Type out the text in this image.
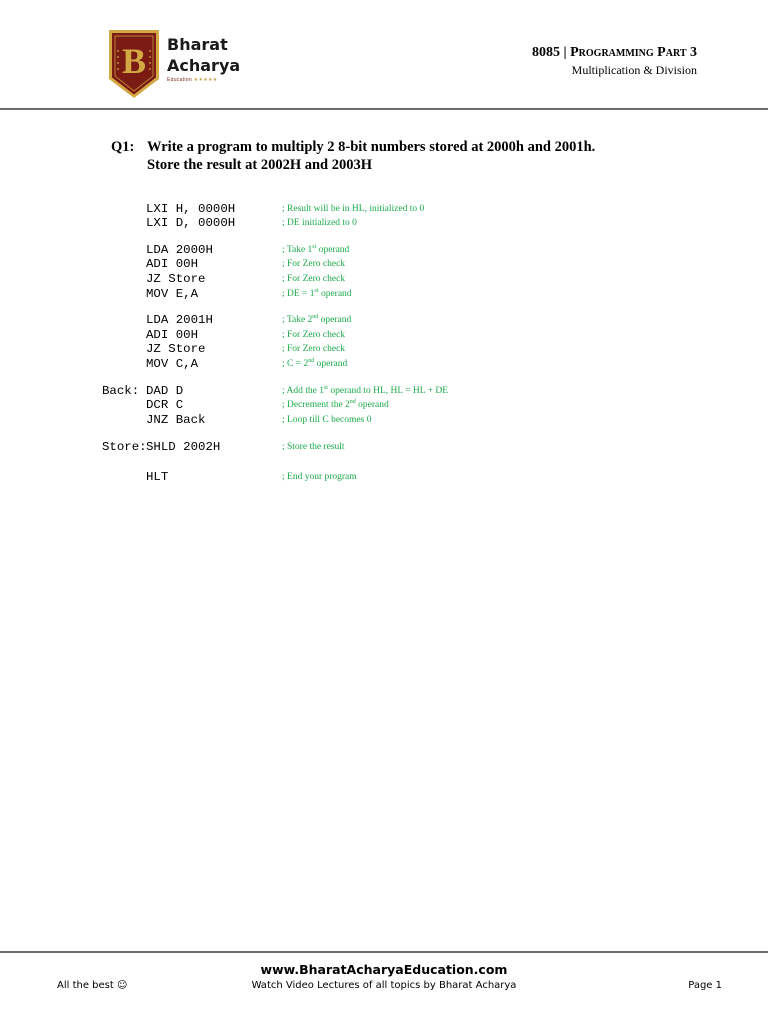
B Bharat
Acharya
Education ★★★★★
8085 | Programming Part 3
Multiplication & Division
Q1: Write a program to multiply 2 8-bit numbers stored at 2000h and 2001h.
Store the result at 2002H and 2003H
LXI H, 0000H	; Result will be in HL, initialized to 0
LXI D, 0000H	; DE initialized to 0
LDA 2000H	; Take 1st operand
ADI 00H	; For Zero check
JZ Store	; For Zero check
MOV E,A	; DE = 1st operand
LDA 2001H	; Take 2nd operand
ADI 00H	; For Zero check
JZ Store	; For Zero check
MOV C,A	; C = 2nd operand
Back: DAD D	; Add the 1st operand to HL, HL = HL + DE
DCR C	; Decrement the 2nd operand
JNZ Back	; Loop till C becomes 0
Store: SHLD 2002H	; Store the result
HLT	; End your program
www.BharatAcharyaEducation.com
Watch Video Lectures of all topics by Bharat Acharya
All the best ☺	Page 1
